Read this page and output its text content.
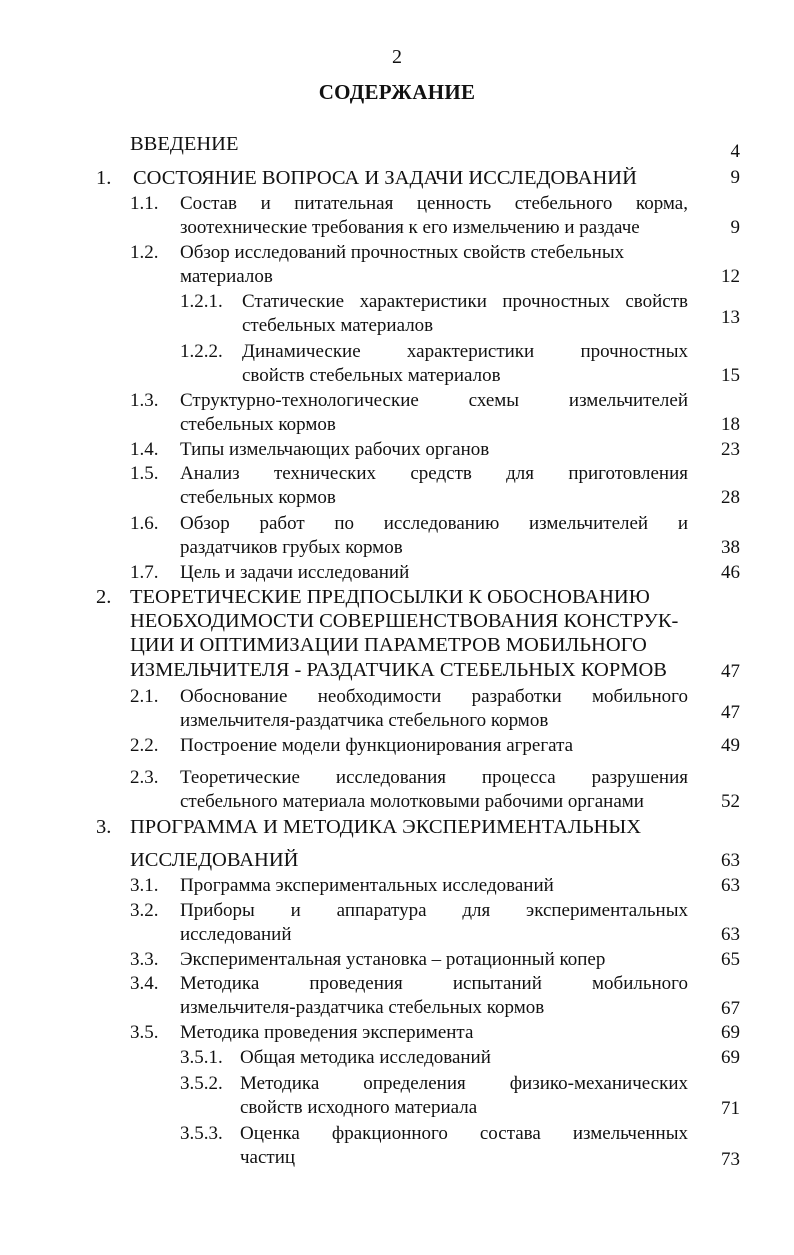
2
СОДЕРЖАНИЕ
ВВЕДЕНИЕ	4
1. СОСТОЯНИЕ ВОПРОСА И ЗАДАЧИ ИССЛЕДОВАНИЙ	9
1.1. Состав и питательная ценность стебельного корма,
зоотехнические требования к его измельчению и раздаче	9
1.2. Обзор исследований прочностных свойств стебельных
материалов	12
1.2.1. Статические характеристики прочностных свойств
стебельных материалов	13
1.2.2. Динамические характеристики прочностных
свойств стебельных материалов	15
1.3. Структурно-технологические схемы измельчителей
стебельных кормов	18
1.4. Типы измельчающих рабочих органов	23
1.5. Анализ технических средств для приготовления
стебельных кормов	28
1.6. Обзор работ по исследованию измельчителей и
раздатчиков грубых кормов	38
1.7. Цель и задачи исследований	46
2. ТЕОРЕТИЧЕСКИЕ ПРЕДПОСЫЛКИ К ОБОСНОВАНИЮ
НЕОБХОДИМОСТИ СОВЕРШЕНСТВОВАНИЯ КОНСТРУК-
ЦИИ И ОПТИМИЗАЦИИ ПАРАМЕТРОВ МОБИЛЬНОГО
ИЗМЕЛЬЧИТЕЛЯ - РАЗДАТЧИКА СТЕБЕЛЬНЫХ КОРМОВ	47
2.1. Обоснование необходимости разработки мобильного
измельчителя-раздатчика стебельного кормов	47
2.2. Построение модели функционирования агрегата	49
2.3. Теоретические исследования процесса разрушения
стебельного материала молотковыми рабочими органами	52
3. ПРОГРАММА И МЕТОДИКА ЭКСПЕРИМЕНТАЛЬНЫХ
ИССЛЕДОВАНИЙ	63
3.1. Программа экспериментальных исследований	63
3.2. Приборы и аппаратура для экспериментальных
исследований	63
3.3. Экспериментальная установка – ротационный копер	65
3.4. Методика проведения испытаний мобильного
измельчителя-раздатчика стебельных кормов	67
3.5. Методика проведения эксперимента	69
3.5.1. Общая методика исследований	69
3.5.2. Методика определения физико-механических
свойств исходного материала	71
3.5.3. Оценка фракционного состава измельченных
частиц	73
